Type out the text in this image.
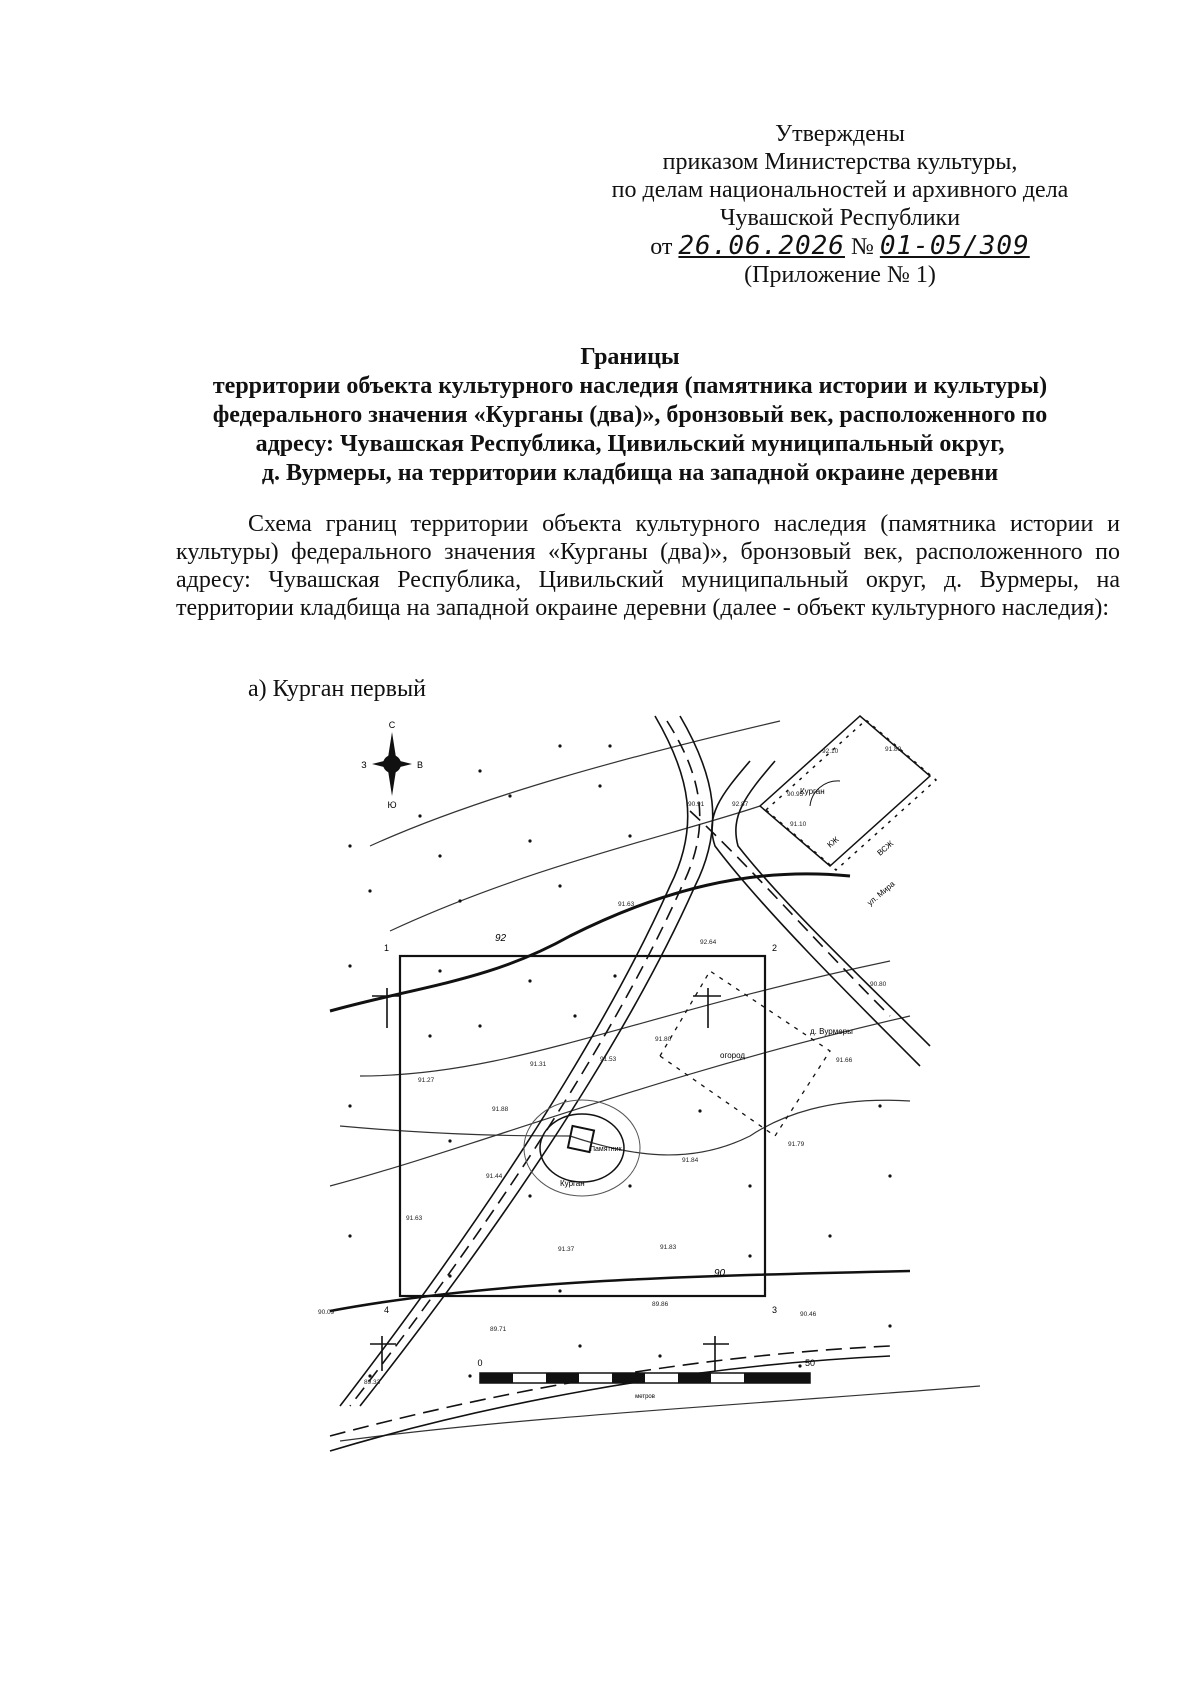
Утверждены
приказом Министерства культуры,
по делам национальностей и архивного дела
Чувашской Республики
от 26.06.2026 № 01-05/309
(Приложение № 1)
Границы
территории объекта культурного наследия (памятника истории и культуры)
федерального значения «Курганы (два)», бронзовый век, расположенного по
адресу: Чувашская Республика, Цивильский муниципальный округ,
д. Вурмеры, на территории кладбища на западной окраине деревни
Схема границ территории объекта культурного наследия (памятника истории и культуры) федерального значения «Курганы (два)», бронзовый век, расположенного по адресу: Чувашская Республика, Цивильский муниципальный округ, д. Вурмеры, на территории кладбища на западной окраине деревни (далее - объект культурного наследия):
а) Курган первый
С
Ю
З	В
Курган
ул. Мира
КЖ	ВСЖ
огород
д. Вурмеры
Памятник
Курган
1	2
3
4
92
90
91.27
91.31
91.53
91.80
91.88
91.63
91.37	91.83
91.66
91.79
90.09
89.71
89.86
90.46
89.33
91.89
92.10
92.87
91.10
90.95
90.91
90.80
92.64
91.44
91.84
91.63
0	50
метров
